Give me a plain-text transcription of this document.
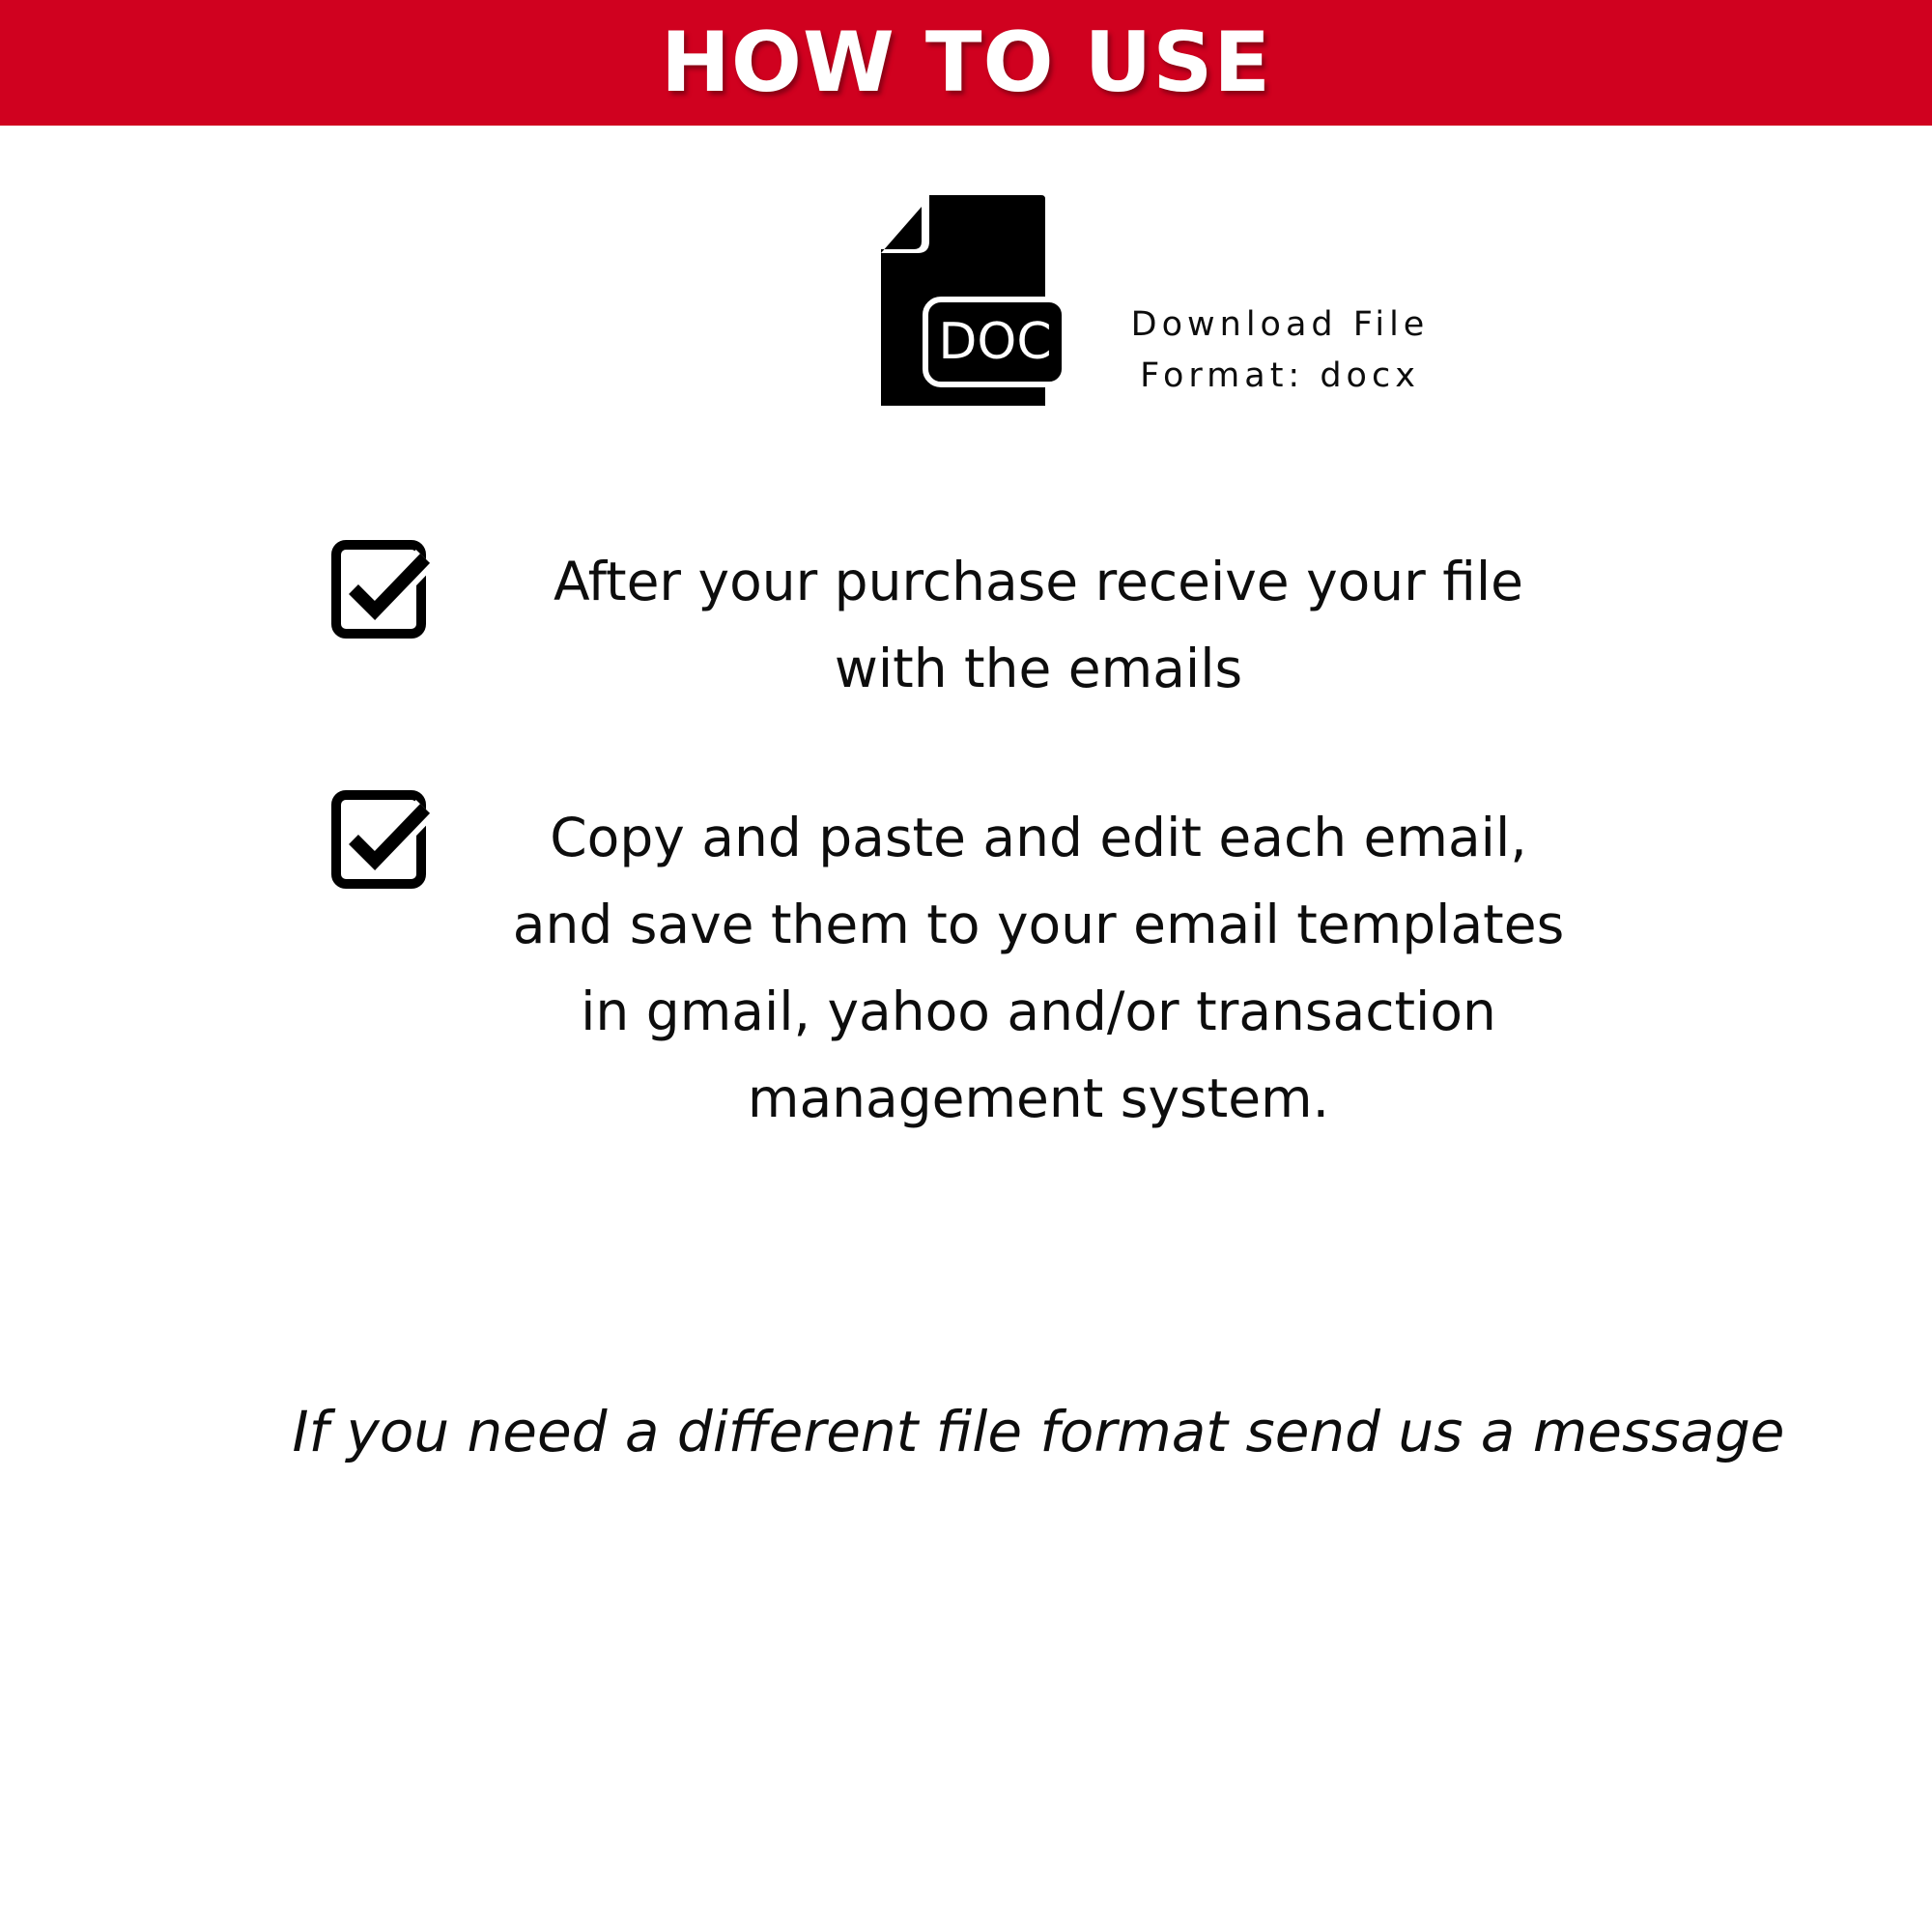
HOW TO USE
DOC	Download File
Format: docx
After your purchase receive your file
with the emails
Copy and paste and edit each email,
and save them to your email templates
in gmail, yahoo and/or transaction
management system.
If you need a different file format send us a message
